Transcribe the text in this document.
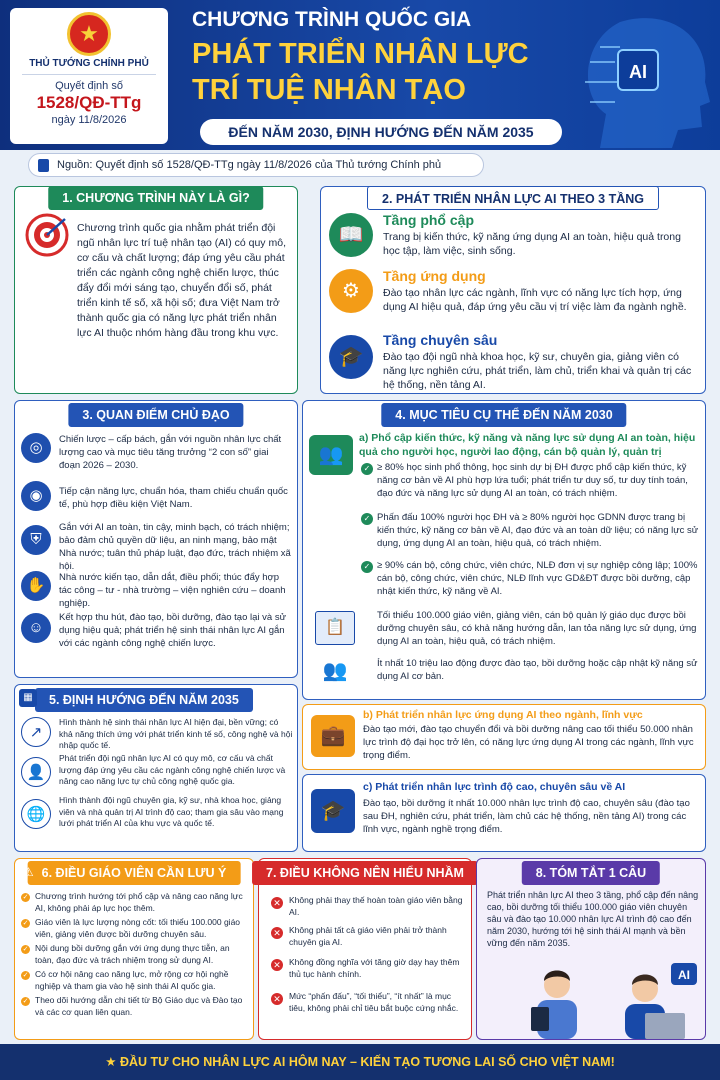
★
THỦ TƯỚNG CHÍNH PHỦ
Quyết định số
1528/QĐ-TTg
ngày 11/8/2026
CHƯƠNG TRÌNH QUỐC GIA
PHÁT TRIỂN NHÂN LỰC
TRÍ TUỆ NHÂN TẠO
ĐẾN NĂM 2030, ĐỊNH HƯỚNG ĐẾN NĂM 2035
AI
Nguồn: Quyết định số 1528/QĐ-TTg ngày 11/8/2026 của Thủ tướng Chính phủ
1. CHƯƠNG TRÌNH NÀY LÀ GÌ?
Chương trình quốc gia nhằm phát triển đội ngũ nhân lực trí tuệ nhân tạo (AI) có quy mô, cơ cấu và chất lượng; đáp ứng yêu cầu phát triển các ngành công nghệ chiến lược, thúc đẩy đổi mới sáng tạo, chuyển đổi số, phát triển kinh tế số, xã hội số; đưa Việt Nam trở thành quốc gia có năng lực phát triển nhân lực AI thuộc nhóm hàng đầu trong khu vực.
2. PHÁT TRIỂN NHÂN LỰC AI THEO 3 TẦNG
📖
Tầng phổ cập
Trang bị kiến thức, kỹ năng ứng dụng AI an toàn, hiệu quả trong học tập, làm việc, sinh sống.
⚙
Tầng ứng dụng
Đào tạo nhân lực các ngành, lĩnh vực có năng lực tích hợp, ứng dụng AI hiệu quả, đáp ứng yêu cầu vị trí việc làm đa ngành nghề.
🎓
Tầng chuyên sâu
Đào tạo đội ngũ nhà khoa học, kỹ sư, chuyên gia, giảng viên có năng lực nghiên cứu, phát triển, làm chủ, triển khai và quản trị các hệ thống, nền tảng AI.
3. QUAN ĐIỂM CHỦ ĐẠO
◎	Chiến lược – cấp bách, gắn với nguồn nhân lực chất lượng cao và mục tiêu tăng trưởng “2 con số” giai đoạn 2026 – 2030.
◉	Tiếp cận năng lực, chuẩn hóa, tham chiếu chuẩn quốc tế, phù hợp điều kiện Việt Nam.
⛨
Gắn với AI an toàn, tin cậy, minh bạch, có trách nhiệm; bảo đảm chủ quyền dữ liệu, an ninh mạng, bảo mật Nhà nước; tuân thủ pháp luật, đạo đức, trách nhiệm xã hội.
✋	Nhà nước kiến tạo, dẫn dắt, điều phối; thúc đẩy hợp tác công – tư - nhà trường – viện nghiên cứu – doanh nghiệp.
☺
Kết hợp thu hút, đào tạo, bồi dưỡng, đào tạo lại và sử dụng hiệu quả; phát triển hệ sinh thái nhân lực AI gắn với các ngành công nghệ chiến lược.
4. MỤC TIÊU CỤ THỂ ĐẾN NĂM 2030
👥
a) Phổ cập kiến thức, kỹ năng và năng lực sử dụng AI an toàn, hiệu quả cho người học, người lao động, cán bộ quản lý, quản trị
✓ ≥ 80% học sinh phổ thông, học sinh dự bị ĐH được phổ cập kiến thức, kỹ năng cơ bản về AI phù hợp lứa tuổi; phát triển tư duy số, tư duy tính toán, đạo đức và năng lực sử dụng AI an toàn, có trách nhiệm.
✓ Phấn đấu 100% người học ĐH và ≥ 80% người học GDNN được trang bị kiến thức, kỹ năng cơ bản về AI, đạo đức và an toàn dữ liệu; có năng lực sử dụng, ứng dụng AI an toàn, hiệu quả, có trách nhiệm.
✓ ≥ 90% cán bộ, công chức, viên chức, NLĐ đơn vị sự nghiệp công lập; 100% cán bộ, công chức, viên chức, NLĐ lĩnh vực GD&ĐT được bồi dưỡng, cập nhật kiến thức, kỹ năng về AI.
📋
Tối thiểu 100.000 giáo viên, giảng viên, cán bộ quản lý giáo dục được bồi dưỡng chuyên sâu, có khả năng hướng dẫn, lan tỏa năng lực sử dụng, ứng dụng AI an toàn, hiệu quả, có trách nhiệm.
👥	Ít nhất 10 triệu lao động được đào tạo, bồi dưỡng hoặc cập nhật kỹ năng sử dụng AI cơ bản.
💼
b) Phát triển nhân lực ứng dụng AI theo ngành, lĩnh vực
Đào tạo mới, đào tạo chuyển đổi và bồi dưỡng nâng cao tối thiểu 50.000 nhân lực trình độ đại học trở lên, có năng lực ứng dụng AI trong các ngành, lĩnh vực trọng điểm.
🎓
c) Phát triển nhân lực trình độ cao, chuyên sâu về AI
Đào tạo, bồi dưỡng ít nhất 10.000 nhân lực trình độ cao, chuyên sâu (đào tạo sau ĐH, nghiên cứu, phát triển, làm chủ các hệ thống, nền tảng AI) trong các lĩnh vực, ngành nghề trọng điểm.
5. ĐỊNH HƯỚNG ĐẾN NĂM 2035
▦
↗
Hình thành hệ sinh thái nhân lực AI hiện đại, bền vững; có khả năng thích ứng với phát triển kinh tế số, công nghệ và hội nhập quốc tế.
👤
Phát triển đội ngũ nhân lực AI có quy mô, cơ cấu và chất lượng đáp ứng yêu cầu các ngành công nghệ chiến lược và nâng cao năng lực tự chủ công nghệ quốc gia.
🌐
Hình thành đội ngũ chuyên gia, kỹ sư, nhà khoa học, giảng viên và nhà quản trị AI trình độ cao; tham gia sâu vào mạng lưới phát triển AI của khu vực và quốc tế.
6. ĐIỀU GIÁO VIÊN CẦN LƯU Ý
⚠
✓ Chương trình hướng tới phổ cập và nâng cao năng lực AI, không phải áp lực học thêm.
✓ Giáo viên là lực lượng nòng cốt: tối thiểu 100.000 giáo viên, giảng viên được bồi dưỡng chuyên sâu.
✓ Nội dung bồi dưỡng gắn với ứng dụng thực tiễn, an toàn, đạo đức và trách nhiệm trong sử dụng AI.
✓ Có cơ hội nâng cao năng lực, mở rộng cơ hội nghề nghiệp và tham gia vào hệ sinh thái AI quốc gia.
✓ Theo dõi hướng dẫn chi tiết từ Bộ Giáo dục và Đào tạo và các cơ quan liên quan.
7. ĐIỀU KHÔNG NÊN HIỂU NHẦM
✕ Không phải thay thế hoàn toàn giáo viên bằng AI.
✕ Không phải tất cả giáo viên phải trở thành chuyên gia AI.
✕ Không đồng nghĩa với tăng giờ dạy hay thêm thủ tục hành chính.
✕ Mức “phấn đấu”, “tối thiểu”, “ít nhất” là mục tiêu, không phải chỉ tiêu bắt buộc cứng nhắc.
8. TÓM TẮT 1 CÂU
Phát triển nhân lực AI theo 3 tầng, phổ cập đến nâng cao, bồi dưỡng tối thiểu 100.000 giáo viên chuyên sâu và đào tạo 10.000 nhân lực AI trình độ cao đến năm 2030, hướng tới hệ sinh thái AI mạnh và bền vững đến năm 2035.
AI
★ ĐẦU TƯ CHO NHÂN LỰC AI HÔM NAY – KIẾN TẠO TƯƠNG LAI SỐ CHO VIỆT NAM!
